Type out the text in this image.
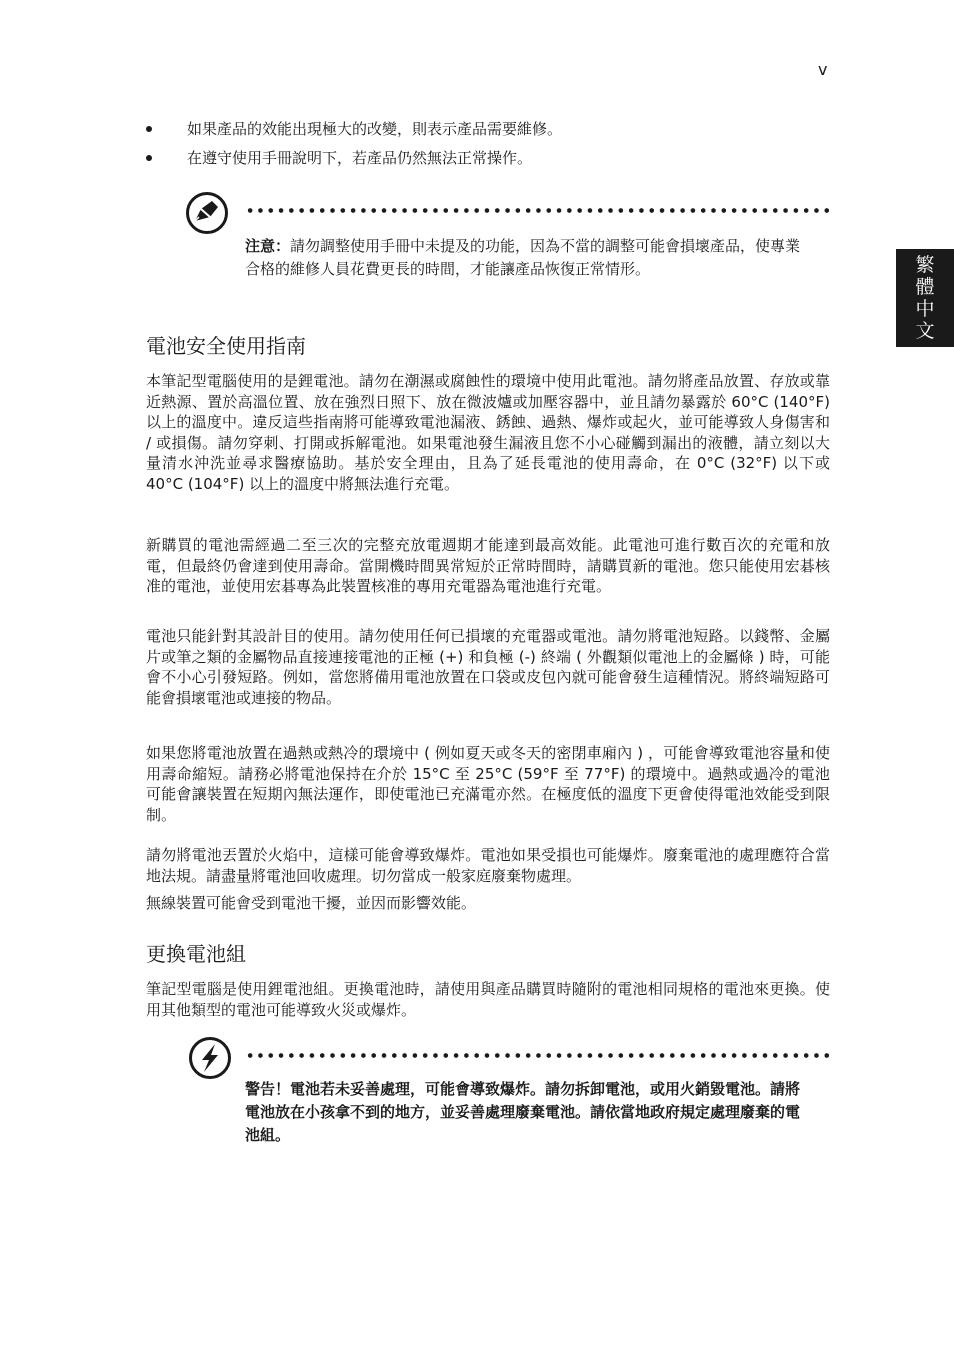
v
繁
體
中
文
如果產品的效能出現極大的改變，則表示產品需要維修。
在遵守使用手冊說明下，若產品仍然無法正常操作。

注意：請勿調整使用手冊中未提及的功能，因為不當的調整可能會損壞產品，使專業合格的維修人員花費更長的時間，才能讓產品恢復正常情形。

電池安全使用指南

本筆記型電腦使用的是鋰電池。請勿在潮濕或腐蝕性的環境中使用此電池。請勿將產品放置、存放或靠近熱源、置於高溫位置、放在強烈日照下、放在微波爐或加壓容器中，並且請勿暴露於 60°C (140°F) 以上的溫度中。違反這些指南將可能導致電池漏液、銹蝕、過熱、爆炸或起火，並可能導致人身傷害和 / 或損傷。請勿穿刺、打開或拆解電池。如果電池發生漏液且您不小心碰觸到漏出的液體，請立刻以大量清水沖洗並尋求醫療協助。基於安全理由，且為了延長電池的使用壽命，在 0°C (32°F) 以下或 40°C (104°F) 以上的溫度中將無法進行充電。

新購買的電池需經過二至三次的完整充放電週期才能達到最高效能。此電池可進行數百次的充電和放電，但最終仍會達到使用壽命。當開機時間異常短於正常時間時，請購買新的電池。您只能使用宏碁核准的電池，並使用宏碁專為此裝置核准的專用充電器為電池進行充電。

電池只能針對其設計目的使用。請勿使用任何已損壞的充電器或電池。請勿將電池短路。以錢幣、金屬片或筆之類的金屬物品直接連接電池的正極 (+) 和負極 (-) 終端 ( 外觀類似電池上的金屬條 ) 時，可能會不小心引發短路。例如，當您將備用電池放置在口袋或皮包內就可能會發生這種情況。將終端短路可能會損壞電池或連接的物品。

如果您將電池放置在過熱或熱冷的環境中 ( 例如夏天或冬天的密閉車廂內 ) ，可能會導致電池容量和使用壽命縮短。請務必將電池保持在介於 15°C 至 25°C (59°F 至 77°F) 的環境中。過熱或過冷的電池可能會讓裝置在短期內無法運作，即使電池已充滿電亦然。在極度低的溫度下更會使得電池效能受到限制。

請勿將電池丟置於火焰中，這樣可能會導致爆炸。電池如果受損也可能爆炸。廢棄電池的處理應符合當地法規。請盡量將電池回收處理。切勿當成一般家庭廢棄物處理。

無線裝置可能會受到電池干擾，並因而影響效能。

更換電池組

筆記型電腦是使用鋰電池組。更換電池時，請使用與產品購買時隨附的電池相同規格的電池來更換。使用其他類型的電池可能導致火災或爆炸。

警告！電池若未妥善處理，可能會導致爆炸。請勿拆卸電池，或用火銷毀電池。請將電池放在小孩拿不到的地方，並妥善處理廢棄電池。請依當地政府規定處理廢棄的電池組。
